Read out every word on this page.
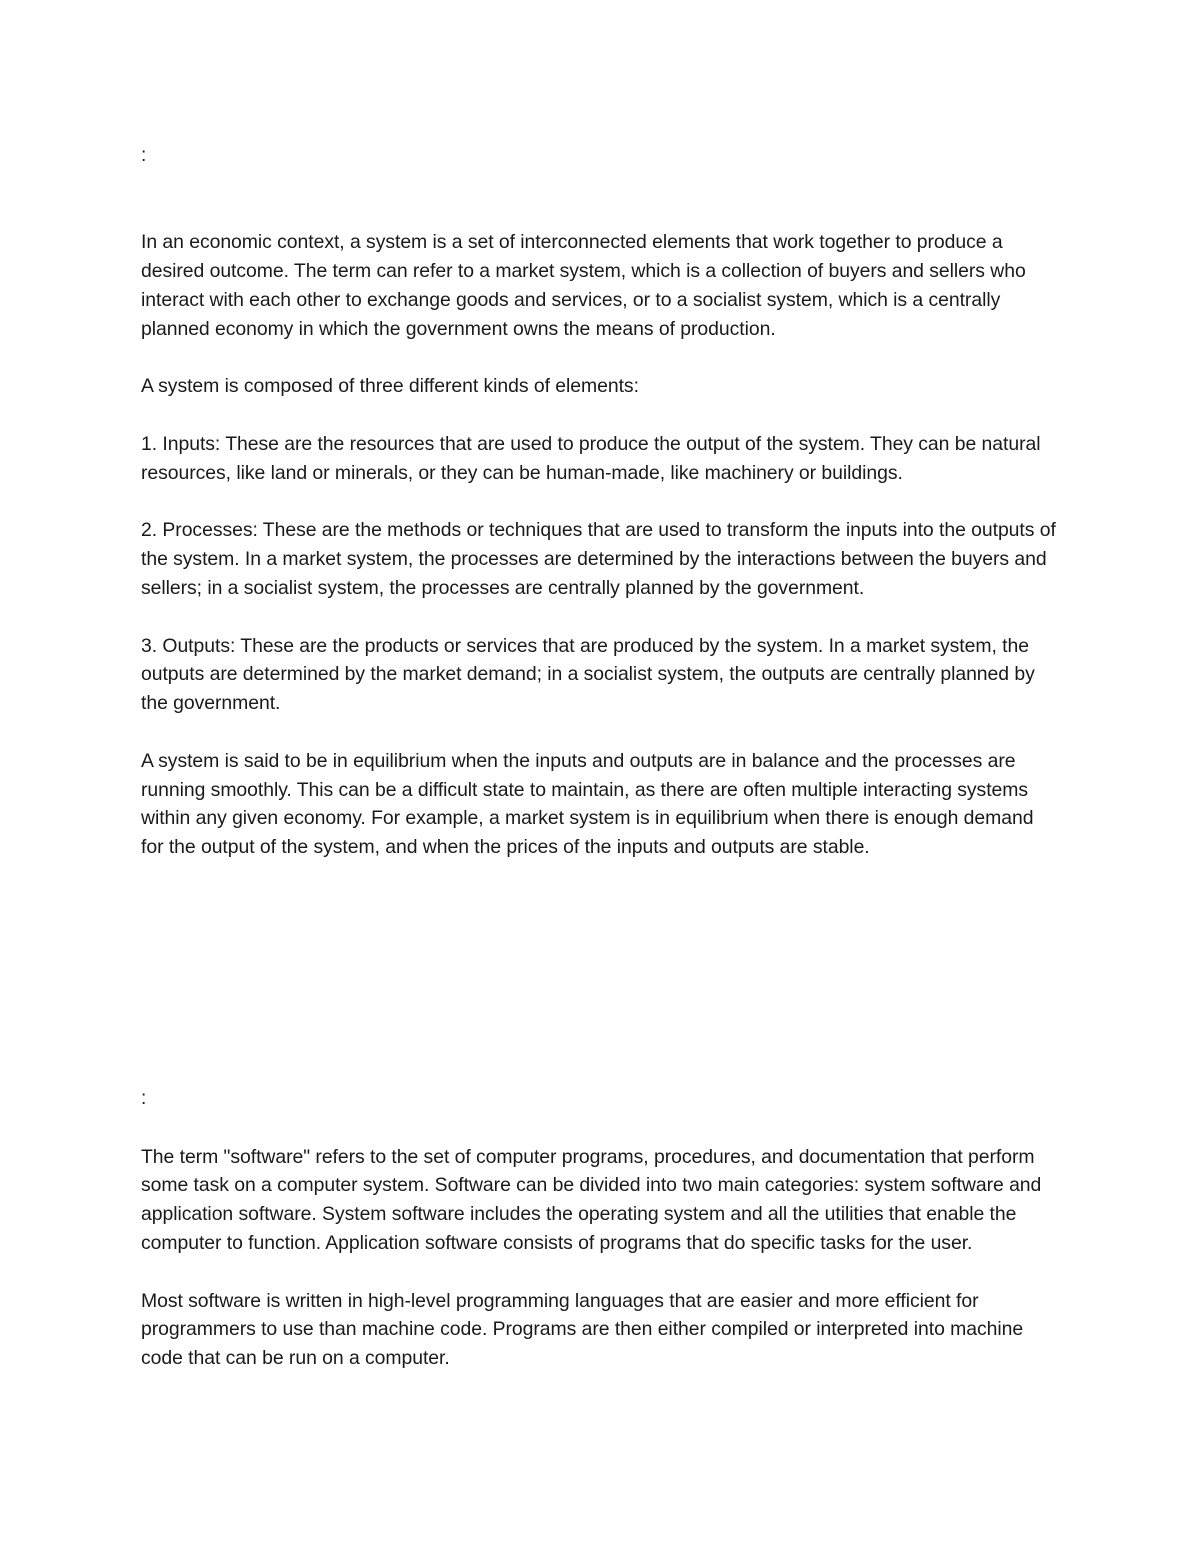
:

In an economic context, a system is a set of interconnected elements that work together to produce a desired outcome. The term can refer to a market system, which is a collection of buyers and sellers who interact with each other to exchange goods and services, or to a socialist system, which is a centrally planned economy in which the government owns the means of production.

A system is composed of three different kinds of elements:

1. Inputs: These are the resources that are used to produce the output of the system. They can be natural resources, like land or minerals, or they can be human-made, like machinery or buildings.

2. Processes: These are the methods or techniques that are used to transform the inputs into the outputs of the system. In a market system, the processes are determined by the interactions between the buyers and sellers; in a socialist system, the processes are centrally planned by the government.

3. Outputs: These are the products or services that are produced by the system. In a market system, the outputs are determined by the market demand; in a socialist system, the outputs are centrally planned by the government.

A system is said to be in equilibrium when the inputs and outputs are in balance and the processes are running smoothly. This can be a difficult state to maintain, as there are often multiple interacting systems within any given economy. For example, a market system is in equilibrium when there is enough demand for the output of the system, and when the prices of the inputs and outputs are stable.

:

The term "software" refers to the set of computer programs, procedures, and documentation that perform some task on a computer system. Software can be divided into two main categories: system software and application software. System software includes the operating system and all the utilities that enable the computer to function. Application software consists of programs that do specific tasks for the user.

Most software is written in high-level programming languages that are easier and more efficient for programmers to use than machine code. Programs are then either compiled or interpreted into machine code that can be run on a computer.
